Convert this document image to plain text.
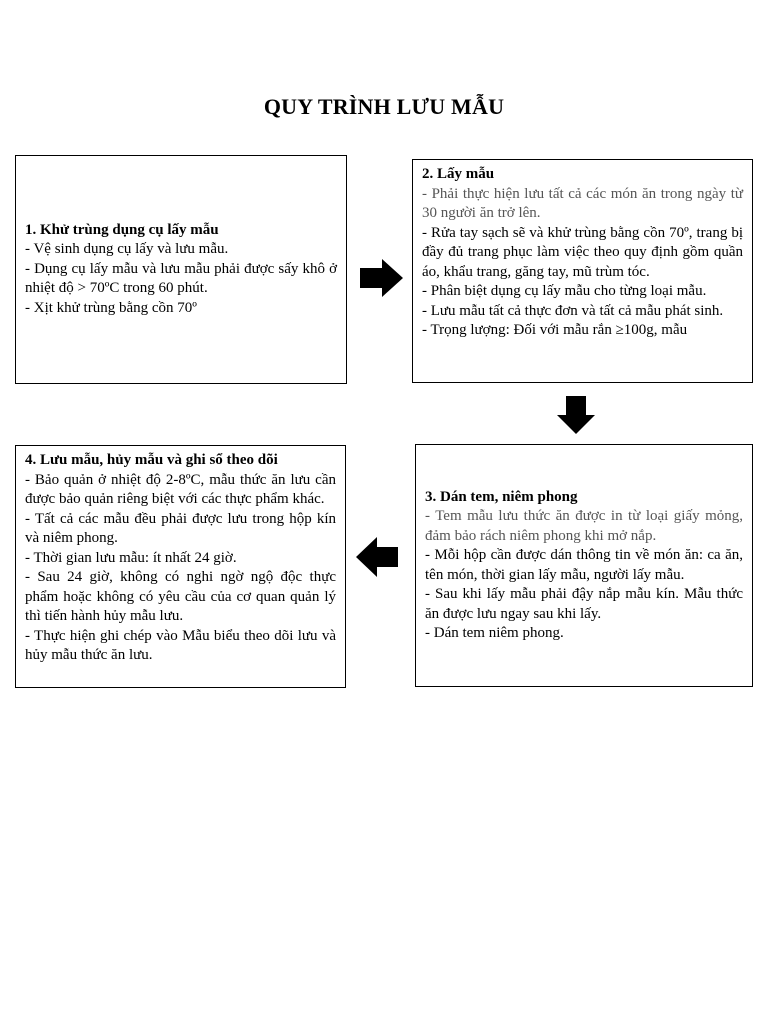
QUY TRÌNH LƯU MẪU
1. Khử trùng dụng cụ lấy mẫu
- Vệ sinh dụng cụ lấy và lưu mẫu.
- Dụng cụ lấy mẫu và lưu mẫu phải được sấy khô ở nhiệt độ > 70ºC trong 60 phút.
- Xịt khử trùng bằng cồn 70º
2. Lấy mẫu
- Phải thực hiện lưu tất cả các món ăn trong ngày từ 30 người ăn trở lên.
- Rửa tay sạch sẽ và khử trùng bằng cồn 70º, trang bị đầy đủ trang phục làm việc theo quy định gồm quần áo, khẩu trang, găng tay, mũ trùm tóc.
- Phân biệt dụng cụ lấy mẫu cho từng loại mẫu.
- Lưu mẫu tất cả thực đơn và tất cả mẫu phát sinh.
- Trọng lượng: Đối với mẫu rắn ≥100g, mẫu
3. Dán tem, niêm phong
- Tem mẫu lưu thức ăn được in từ loại giấy mỏng, đảm bảo rách niêm phong khi mở nắp.
- Mỗi hộp cần được dán thông tin về món ăn: ca ăn, tên món, thời gian lấy mẫu, người lấy mẫu.
- Sau khi lấy mẫu phải đậy nắp mẫu kín. Mẫu thức ăn được lưu ngay sau khi lấy.
- Dán tem niêm phong.
4. Lưu mẫu, hủy mẫu và ghi sổ theo dõi
- Bảo quản ở nhiệt độ 2-8ºC, mẫu thức ăn lưu cần được bảo quản riêng biệt với các thực phẩm khác.
- Tất cả các mẫu đều phải được lưu trong hộp kín và niêm phong.
- Thời gian lưu mẫu: ít nhất 24 giờ.
- Sau 24 giờ, không có nghi ngờ ngộ độc thực phẩm hoặc không có yêu cầu của cơ quan quản lý thì tiến hành hủy mẫu lưu.
- Thực hiện ghi chép vào Mẫu biểu theo dõi lưu và hủy mẫu thức ăn lưu.
